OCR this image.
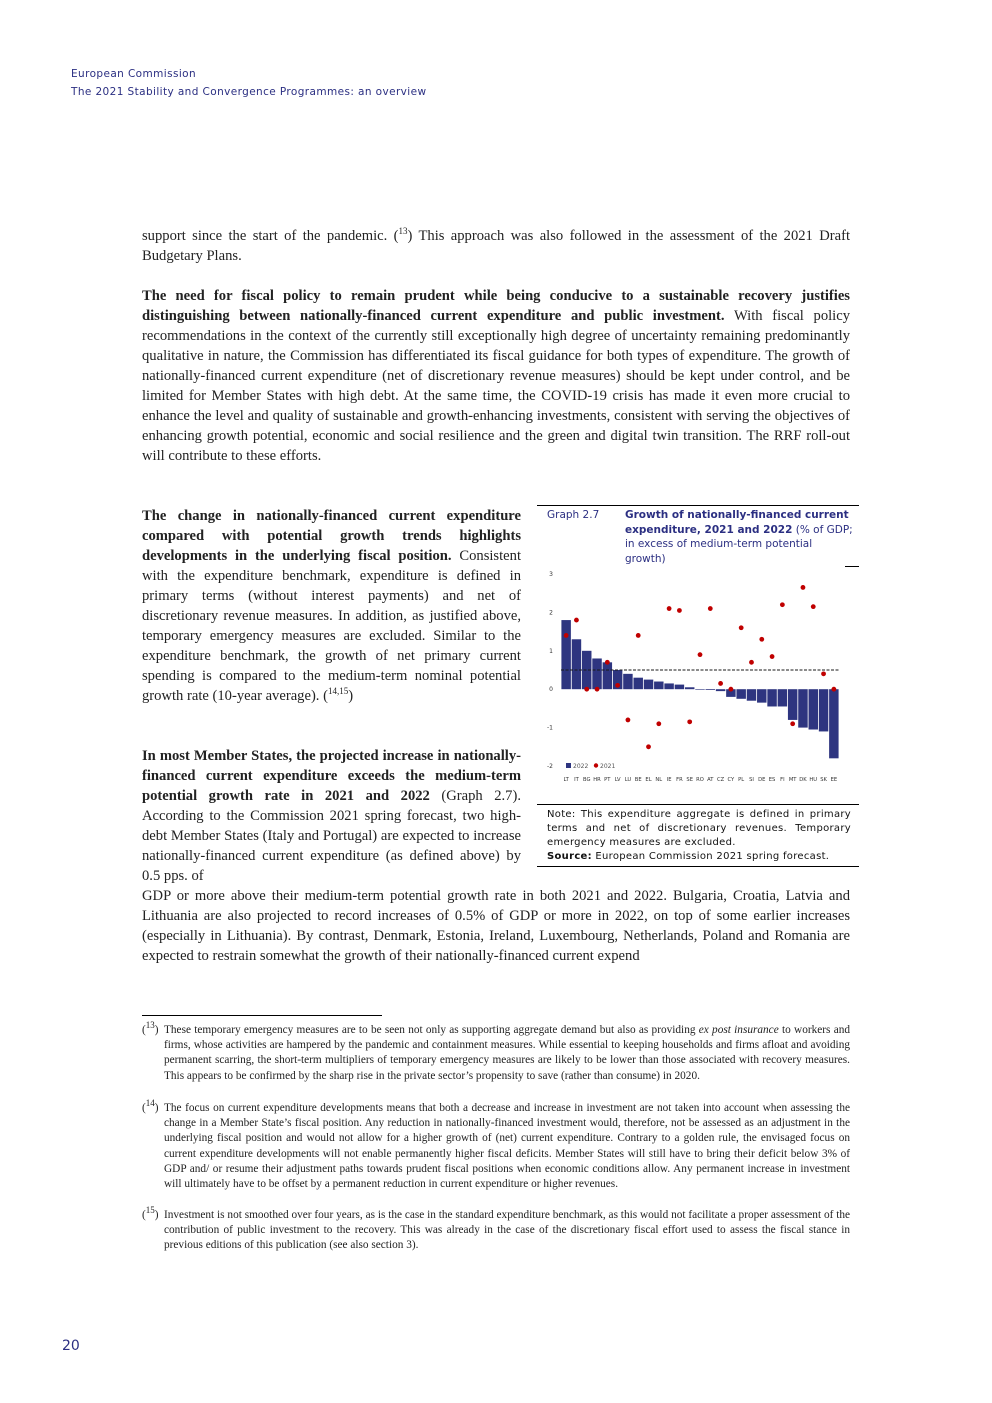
European Commission
The 2021 Stability and Convergence Programmes: an overview

support since the start of the pandemic. ($^{13}$) This approach was also followed in the assessment of the 2021 Draft Budgetary Plans.

The need for fiscal policy to remain prudent while being conducive to a sustainable recovery justifies distinguishing between nationally-financed current expenditure and public investment. With fiscal policy recommendations in the context of the currently still exceptionally high degree of uncertainty remaining predominantly qualitative in nature, the Commission has differentiated its fiscal guidance for both types of expenditure. The growth of nationally-financed current expenditure (net of discretionary revenue measures) should be kept under control, and be limited for Member States with high debt. At the same time, the COVID-19 crisis has made it even more crucial to enhance the level and quality of sustainable and growth-enhancing investments, consistent with serving the objectives of enhancing growth potential, economic and social resilience and the green and digital twin transition. The RRF roll-out will contribute to these efforts.

The change in nationally-financed current expenditure compared with potential growth trends highlights developments in the underlying fiscal position. Consistent with the expenditure benchmark, expenditure is defined in primary terms (without interest payments) and net of discretionary revenue measures. In addition, as justified above, temporary emergency measures are excluded. Similar to the expenditure benchmark, the growth of net primary current spending is compared to the medium-term nominal potential growth rate (10-year average). ($^{14,15}$)

In most Member States, the projected increase in nationally-financed current expenditure exceeds the medium-term potential growth rate in 2021 and 2022 (Graph 2.7). According to the Commission 2021 spring forecast, two high-debt Member States (Italy and Portugal) are expected to increase nationally-financed current expenditure (as defined above) by 0.5 pps. of

GDP or more above their medium-term potential growth rate in both 2021 and 2022. Bulgaria, Croatia, Latvia and Lithuania are also projected to record increases of 0.5% of GDP or more in 2022, on top of some earlier increases (especially in Lithuania). By contrast, Denmark, Estonia, Ireland, Luxembourg, Netherlands, Poland and Romania are expected to restrain somewhat the growth of their nationally-financed current expend

Graph 2.7 Growth of nationally-financed current expenditure, 2021 and 2022 (% of GDP; in excess of medium-term potential growth)
3
2
1
0
-1
-2
LT IT BG HR PT LV LU BE EL NL IE FR SE RO AT CZ CY PL SI DE ES FI MT DK HU SK EE
2022 2021
Note: This expenditure aggregate is defined in primary terms and net of discretionary revenues. Temporary emergency measures are excluded.
Source: European Commission 2021 spring forecast.
($^{13}$) These temporary emergency measures are to be seen not only as supporting aggregate demand but also as providing ex post insurance to workers and firms, whose activities are hampered by the pandemic and containment measures. While essential to keeping households and firms afloat and avoiding permanent scarring, the short-term multipliers of temporary emergency measures are likely to be lower than those associated with recovery measures. This appears to be confirmed by the sharp rise in the private sector’s propensity to save (rather than consume) in 2020.
($^{14}$) The focus on current expenditure developments means that both a decrease and increase in investment are not taken into account when assessing the change in a Member State’s fiscal position. Any reduction in nationally-financed investment would, therefore, not be assessed as an adjustment in the underlying fiscal position and would not allow for a higher growth of (net) current expenditure. Contrary to a golden rule, the envisaged focus on current expenditure developments will not enable permanently higher fiscal deficits. Member States will still have to bring their deficit below 3% of GDP and/ or resume their adjustment paths towards prudent fiscal positions when economic conditions allow. Any permanent increase in investment will ultimately have to be offset by a permanent reduction in current expenditure or higher revenues.
($^{15}$) Investment is not smoothed over four years, as is the case in the standard expenditure benchmark, as this would not facilitate a proper assessment of the contribution of public investment to the recovery. This was already in the case of the discretionary fiscal effort used to assess the fiscal stance in previous editions of this publication (see also section 3).
20
